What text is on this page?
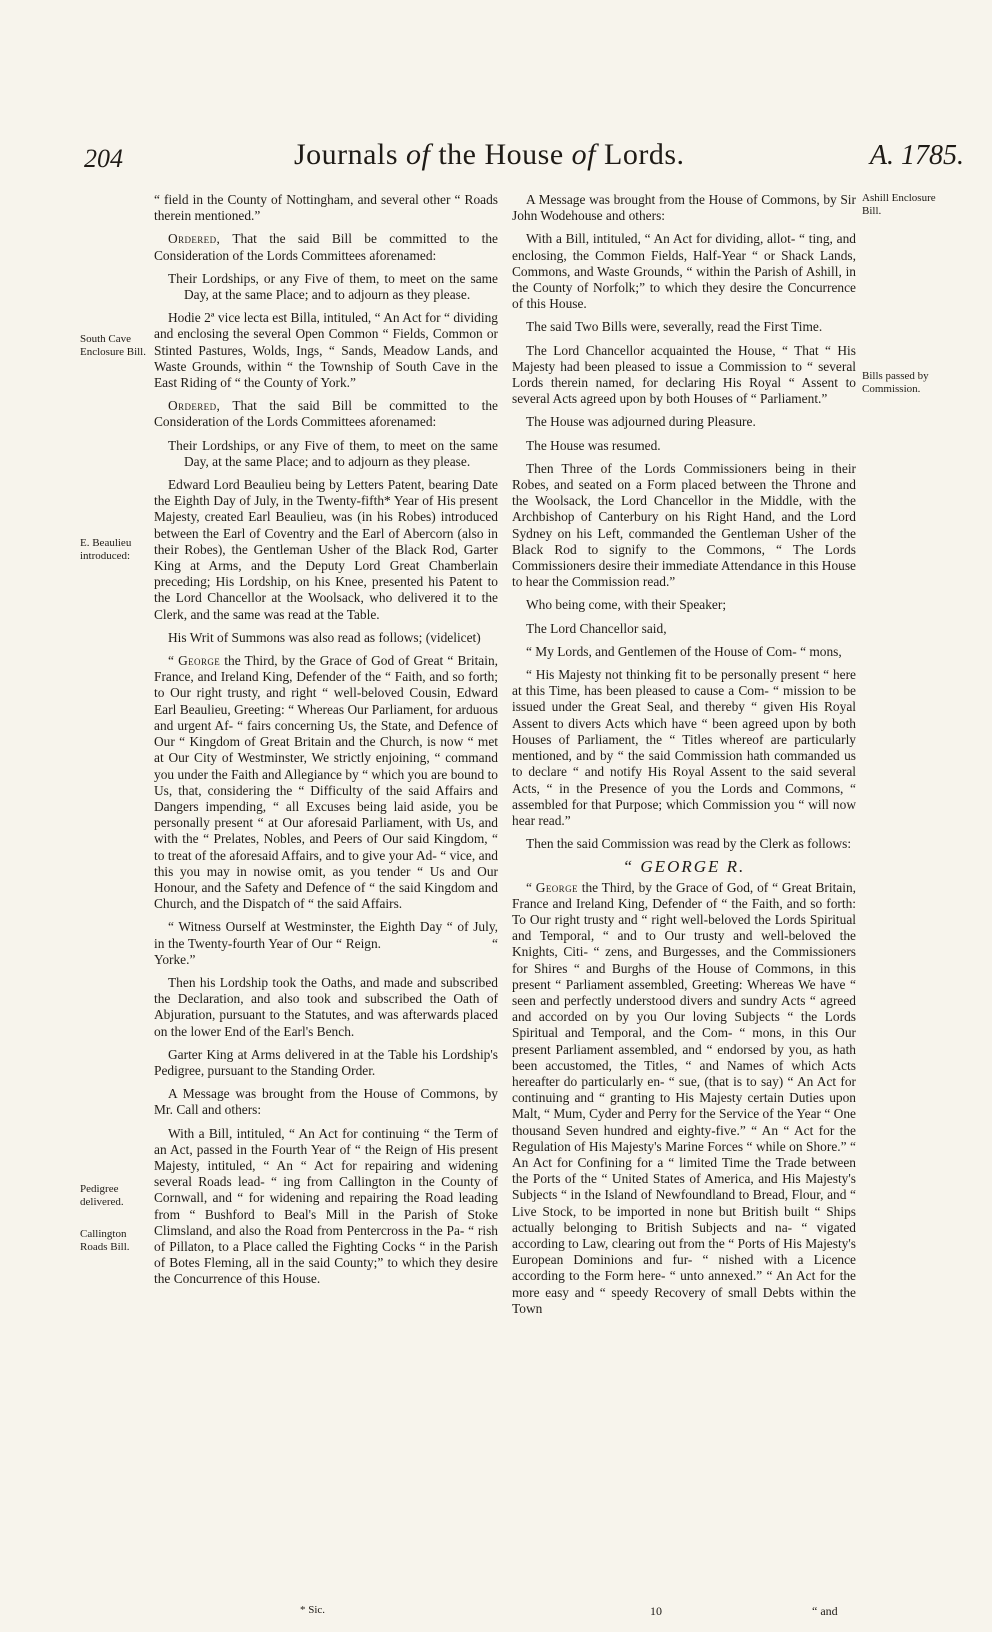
204	Journals of the House of Lords.	A. 1785.
South Cave Enclosure Bill.
E. Beaulieu introduced:
Pedigree delivered.
Callington Roads Bill.
Ashill Enclosure Bill.
Bills passed by Commission.

“ field in the County of Nottingham, and several other “ Roads therein mentioned.”

Ordered, That the said Bill be committed to the Consideration of the Lords Committees aforenamed:

Their Lordships, or any Five of them, to meet on the same Day, at the same Place; and to adjourn as they please.

Hodie 2ª vice lecta est Billa, intituled, “ An Act for “ dividing and enclosing the several Open Common “ Fields, Common or Stinted Pastures, Wolds, Ings, “ Sands, Meadow Lands, and Waste Grounds, within “ the Township of South Cave in the East Riding of “ the County of York.”

Ordered, That the said Bill be committed to the Consideration of the Lords Committees aforenamed:

Their Lordships, or any Five of them, to meet on the same Day, at the same Place; and to adjourn as they please.

Edward Lord Beaulieu being by Letters Patent, bearing Date the Eighth Day of July, in the Twenty-fifth* Year of His present Majesty, created Earl Beaulieu, was (in his Robes) introduced between the Earl of Coventry and the Earl of Abercorn (also in their Robes), the Gentleman Usher of the Black Rod, Garter King at Arms, and the Deputy Lord Great Chamberlain preceding; His Lordship, on his Knee, presented his Patent to the Lord Chancellor at the Woolsack, who delivered it to the Clerk, and the same was read at the Table.

His Writ of Summons was also read as follows; (videlicet)

“ George the Third, by the Grace of God of Great “ Britain, France, and Ireland King, Defender of the “ Faith, and so forth; to Our right trusty, and right “ well-beloved Cousin, Edward Earl Beaulieu, Greeting: “ Whereas Our Parliament, for arduous and urgent Af- “ fairs concerning Us, the State, and Defence of Our “ Kingdom of Great Britain and the Church, is now “ met at Our City of Westminster, We strictly enjoining, “ command you under the Faith and Allegiance by “ which you are bound to Us, that, considering the “ Difficulty of the said Affairs and Dangers impending, “ all Excuses being laid aside, you be personally present “ at Our aforesaid Parliament, with Us, and with the “ Prelates, Nobles, and Peers of Our said Kingdom, “ to treat of the aforesaid Affairs, and to give your Ad- “ vice, and this you may in nowise omit, as you tender “ Us and Our Honour, and the Safety and Defence of “ the said Kingdom and Church, and the Dispatch of “ the said Affairs.

“ Witness Ourself at Westminster, the Eighth Day “ of July, in the Twenty-fourth Year of Our “ Reign.                              “ Yorke.”

Then his Lordship took the Oaths, and made and subscribed the Declaration, and also took and subscribed the Oath of Abjuration, pursuant to the Statutes, and was afterwards placed on the lower End of the Earl's Bench.

Garter King at Arms delivered in at the Table his Lordship's Pedigree, pursuant to the Standing Order.

A Message was brought from the House of Commons, by Mr. Call and others:

With a Bill, intituled, “ An Act for continuing “ the Term of an Act, passed in the Fourth Year of “ the Reign of His present Majesty, intituled, “ An “ Act for repairing and widening several Roads lead- “ ing from Callington in the County of Cornwall, and “ for widening and repairing the Road leading from “ Bushford to Beal's Mill in the Parish of Stoke Climsland, and also the Road from Pentercross in the Pa- “ rish of Pillaton, to a Place called the Fighting Cocks “ in the Parish of Botes Fleming, all in the said County;” to which they desire the Concurrence of this House.

A Message was brought from the House of Commons, by Sir John Wodehouse and others:

With a Bill, intituled, “ An Act for dividing, allot- “ ting, and enclosing, the Common Fields, Half-Year “ or Shack Lands, Commons, and Waste Grounds, “ within the Parish of Ashill, in the County of Norfolk;” to which they desire the Concurrence of this House.

The said Two Bills were, severally, read the First Time.

The Lord Chancellor acquainted the House, “ That “ His Majesty had been pleased to issue a Commission to “ several Lords therein named, for declaring His Royal “ Assent to several Acts agreed upon by both Houses of “ Parliament.”

The House was adjourned during Pleasure.

The House was resumed.

Then Three of the Lords Commissioners being in their Robes, and seated on a Form placed between the Throne and the Woolsack, the Lord Chancellor in the Middle, with the Archbishop of Canterbury on his Right Hand, and the Lord Sydney on his Left, commanded the Gentleman Usher of the Black Rod to signify to the Commons, “ The Lords Commissioners desire their immediate Attendance in this House to hear the Commission read.”

Who being come, with their Speaker;

The Lord Chancellor said,

“ My Lords, and Gentlemen of the House of Com- “ mons,

“ His Majesty not thinking fit to be personally present “ here at this Time, has been pleased to cause a Com- “ mission to be issued under the Great Seal, and thereby “ given His Royal Assent to divers Acts which have “ been agreed upon by both Houses of Parliament, the “ Titles whereof are particularly mentioned, and by “ the said Commission hath commanded us to declare “ and notify His Royal Assent to the said several Acts, “ in the Presence of you the Lords and Commons, “ assembled for that Purpose; which Commission you “ will now hear read.”

Then the said Commission was read by the Clerk as follows:

“ GEORGE R.

“ George the Third, by the Grace of God, of “ Great Britain, France and Ireland King, Defender of “ the Faith, and so forth: To Our right trusty and “ right well-beloved the Lords Spiritual and Temporal, “ and to Our trusty and well-beloved the Knights, Citi- “ zens, and Burgesses, and the Commissioners for Shires “ and Burghs of the House of Commons, in this present “ Parliament assembled, Greeting: Whereas We have “ seen and perfectly understood divers and sundry Acts “ agreed and accorded on by you Our loving Subjects “ the Lords Spiritual and Temporal, and the Com- “ mons, in this Our present Parliament assembled, and “ endorsed by you, as hath been accustomed, the Titles, “ and Names of which Acts hereafter do particularly en- “ sue, (that is to say) “ An Act for continuing and “ granting to His Majesty certain Duties upon Malt, “ Mum, Cyder and Perry for the Service of the Year “ One thousand Seven hundred and eighty-five.” “ An “ Act for the Regulation of His Majesty's Marine Forces “ while on Shore.” “ An Act for Confining for a “ limited Time the Trade between the Ports of the “ United States of America, and His Majesty's Subjects “ in the Island of Newfoundland to Bread, Flour, and “ Live Stock, to be imported in none but British built “ Ships actually belonging to British Subjects and na- “ vigated according to Law, clearing out from the “ Ports of His Majesty's European Dominions and fur- “ nished with a Licence according to the Form here- “ unto annexed.” “ An Act for the more easy and “ speedy Recovery of small Debts within the Town

* Sic.	10	“ and
